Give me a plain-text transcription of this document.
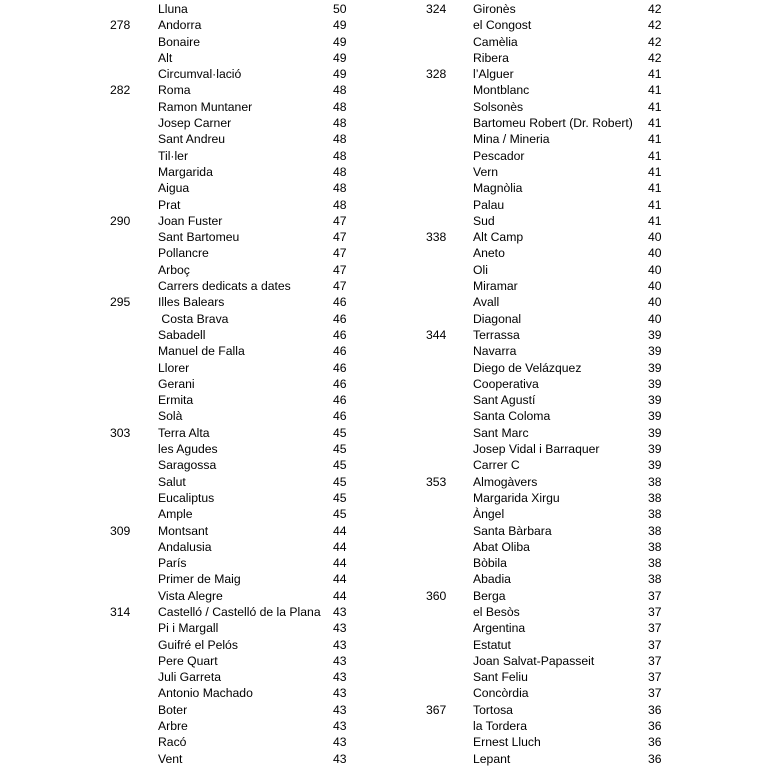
Lluna	50
278 Andorra	49
Bonaire	49
Alt	49
Circumval·lació	49
282 Roma	48
Ramon Muntaner	48
Josep Carner	48
Sant Andreu	48
Til·ler	48
Margarida	48
Aigua	48
Prat	48
290 Joan Fuster	47
Sant Bartomeu	47
Pollancre	47
Arboç	47
Carrers dedicats a dates	47
295 Illes Balears	46
Costa Brava	46
Sabadell	46
Manuel de Falla	46
Llorer	46
Gerani	46
Ermita	46
Solà	46
303 Terra Alta	45
les Agudes	45
Saragossa	45
Salut	45
Eucaliptus	45
Ample	45
309 Montsant	44
Andalusia	44
París	44
Primer de Maig	44
Vista Alegre	44
314 Castelló / Castelló de la Plana 43
Pi i Margall	43
Guifré el Pelós	43
Pere Quart	43
Juli Garreta	43
Antonio Machado	43
Boter	43
Arbre	43
Racó	43
Vent	43
324 Gironès	42
el Congost	42
Camèlia	42
Ribera	42
328 l’Alguer	41
Montblanc	41
Solsonès	41
Bartomeu Robert (Dr. Robert) 41
Mina / Mineria	41
Pescador	41
Vern	41
Magnòlia	41
Palau	41
Sud	41
338 Alt Camp	40
Aneto	40
Oli	40
Miramar	40
Avall	40
Diagonal	40
344 Terrassa	39
Navarra	39
Diego de Velázquez	39
Cooperativa	39
Sant Agustí	39
Santa Coloma	39
Sant Marc	39
Josep Vidal i Barraquer	39
Carrer C	39
353 Almogàvers	38
Margarida Xirgu	38
Àngel	38
Santa Bàrbara	38
Abat Oliba	38
Bòbila	38
Abadia	38
360 Berga	37
el Besòs	37
Argentina	37
Estatut	37
Joan Salvat-Papasseit	37
Sant Feliu	37
Concòrdia	37
367 Tortosa	36
la Tordera	36
Ernest Lluch	36
Lepant	36
